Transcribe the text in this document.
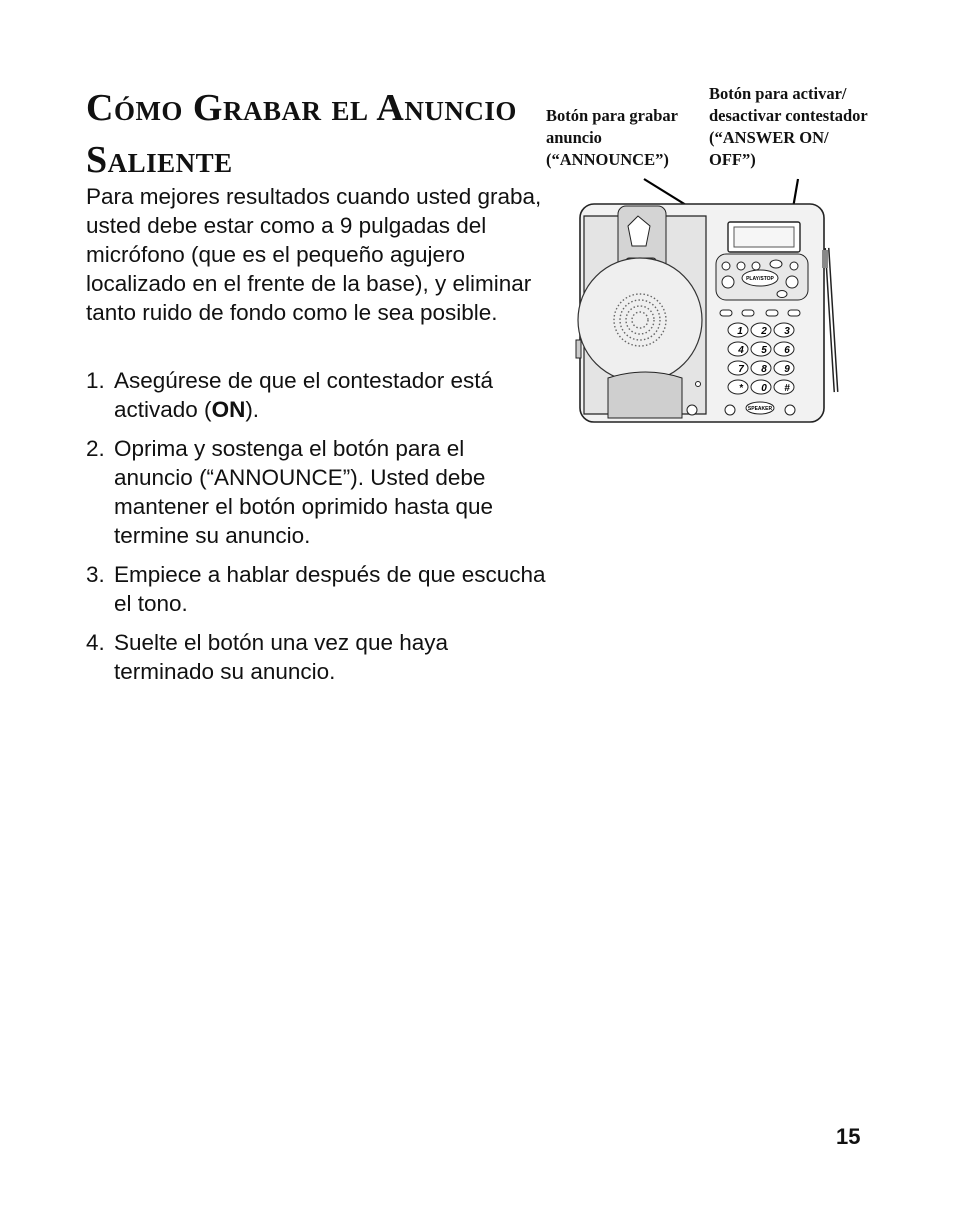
Cómo Grabar el Anuncio Saliente

Para mejores resultados cuando usted graba, usted debe estar como a 9 pulgadas del micrófono (que es el pequeño agujero localizado en el frente de la base), y eliminar tanto ruido de fondo como le sea posible.

1. Asegúrese de que el contestador está activado (ON).
2. Oprima y sostenga el botón para el anuncio (“ANNOUNCE”). Usted debe mantener el botón oprimido hasta que termine su anuncio.
3. Empiece a hablar después de que escucha el tono.
4. Suelte el botón una vez que haya terminado su anuncio.

Botón para grabar anuncio (“ANNOUNCE”)

Botón para activar/ desactivar contestador (“ANSWER ON/ OFF”)

PLAY/STOP
1 2 3
4 5 6
7 8 9
* 0 #
SPEAKER
15
